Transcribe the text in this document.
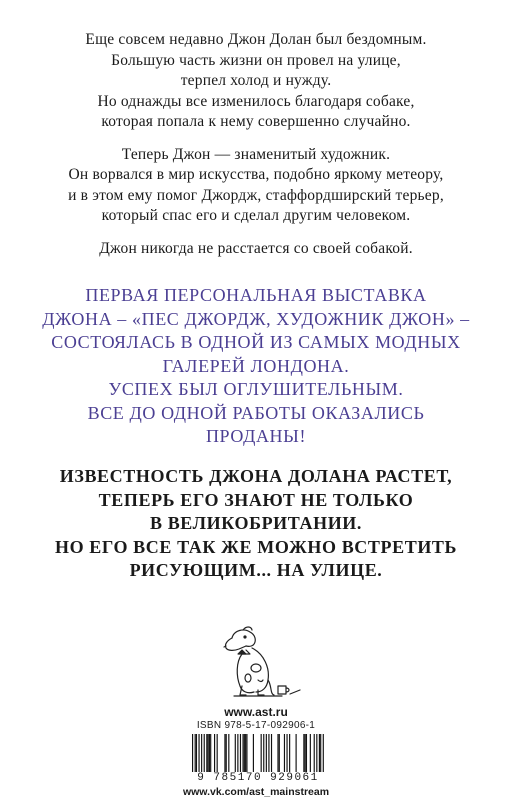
Еще совсем недавно Джон Долан был бездомным.
Большую часть жизни он провел на улице,
терпел холод и нужду.
Но однажды все изменилось благодаря собаке,
которая попала к нему совершенно случайно.

Теперь Джон — знаменитый художник.
Он ворвался в мир искусства, подобно яркому метеору,
и в этом ему помог Джордж, стаффордширский терьер,
который спас его и сделал другим человеком.

Джон никогда не расстается со своей собакой.

ПЕРВАЯ ПЕРСОНАЛЬНАЯ ВЫСТАВКА
ДЖОНА – «ПЕС ДЖОРДЖ, ХУДОЖНИК ДЖОН» –
СОСТОЯЛАСЬ В ОДНОЙ ИЗ САМЫХ МОДНЫХ
ГАЛЕРЕЙ ЛОНДОНА.
УСПЕХ БЫЛ ОГЛУШИТЕЛЬНЫМ.
ВСЕ ДО ОДНОЙ РАБОТЫ ОКАЗАЛИСЬ
ПРОДАНЫ!
ИЗВЕСТНОСТЬ ДЖОНА ДОЛАНА РАСТЕТ,
ТЕПЕРЬ ЕГО ЗНАЮТ НЕ ТОЛЬКО
В ВЕЛИКОБРИТАНИИ.
НО ЕГО ВСЕ ТАК ЖЕ МОЖНО ВСТРЕТИТЬ
РИСУЮЩИМ... НА УЛИЦЕ.
www.ast.ru
ISBN 978-5-17-092906-1
9 785170 929061
www.vk.com/ast_mainstream
